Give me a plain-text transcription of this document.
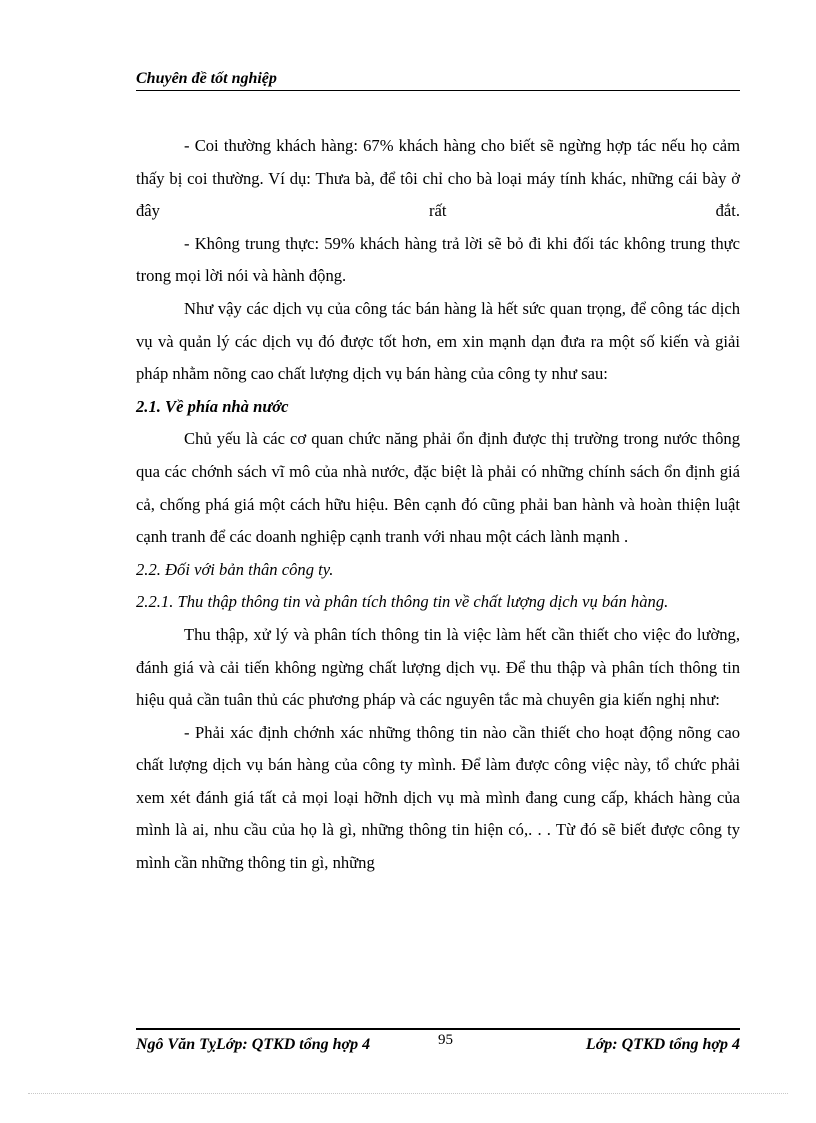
Chuyên đề tốt nghiệp

- Coi thường khách hàng: 67% khách hàng cho biết sẽ ngừng hợp tác nếu họ cảm thấy bị coi thường. Ví dụ: Thưa bà, để tôi chỉ cho bà loại máy tính khác, những cái bày ở đây rất đắt.

- Không trung thực: 59% khách hàng trả lời sẽ bỏ đi khi đối tác không trung thực trong mọi lời nói và hành động.

Như vậy các dịch vụ của công tác bán hàng là hết sức quan trọng, để công tác dịch vụ và quản lý các dịch vụ đó được tốt hơn, em xin mạnh dạn đưa ra một số kiến và giải pháp nhằm nõng cao chất lượng dịch vụ bán hàng của công ty như sau:

2.1. Về phía nhà nước

Chủ yếu là các cơ quan chức năng phải ổn định được thị trường trong nước thông qua các chớnh sách vĩ mô của nhà nước, đặc biệt là phải có những chính sách ổn định giá cả, chống phá giá một cách hữu hiệu. Bên cạnh đó cũng phải ban hành và hoàn thiện luật cạnh tranh để các doanh nghiệp cạnh tranh với nhau một cách lành mạnh .

2.2. Đối với bản thân công ty.

2.2.1. Thu thập thông tin và phân tích thông tin về chất lượng dịch vụ bán hàng.

Thu thập, xử lý và phân tích thông tin là việc làm hết cần thiết cho việc đo lường, đánh giá và cải tiến không ngừng chất lượng dịch vụ. Để thu thập và phân tích thông tin hiệu quả cần tuân thủ các phương pháp và các nguyên tắc mà chuyên gia kiến nghị như:

- Phải xác định chớnh xác những thông tin nào cần thiết cho hoạt động nõng cao chất lượng dịch vụ bán hàng của công ty mình. Để làm được công việc này, tổ chức phải xem xét đánh giá tất cả mọi loại hỡnh dịch vụ mà mình đang cung cấp, khách hàng của mình là ai, nhu cầu của họ là gì, những thông tin hiện có,. . . Từ đó sẽ biết được công ty mình cần những thông tin gì, những

Ngô Văn TỵLớp: QTKD tổng hợp 4	95	Lớp: QTKD tổng hợp 4
